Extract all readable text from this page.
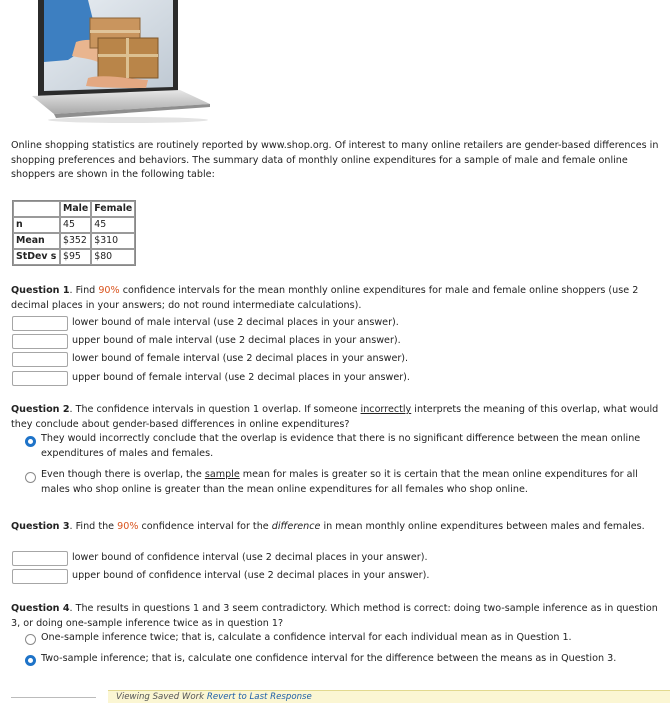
Online shopping statistics are routinely reported by www.shop.org. Of interest to many online retailers are gender-based differences in shopping preferences and behaviors. The summary data of monthly online expenditures for a sample of male and female online shoppers are shown in the following table:

	Male	Female
n	45	45
Mean	$352	$310
StDev s	$95	$80

Question 1. Find 90% confidence intervals for the mean monthly online expenditures for male and female online shoppers (use 2 decimal places in your answers; do not round intermediate calculations).

lower bound of male interval (use 2 decimal places in your answer).
upper bound of male interval (use 2 decimal places in your answer).
lower bound of female interval (use 2 decimal places in your answer).
upper bound of female interval (use 2 decimal places in your answer).

Question 2. The confidence intervals in question 1 overlap. If someone incorrectly interprets the meaning of this overlap, what would they conclude about gender-based differences in online expenditures?

They would incorrectly conclude that the overlap is evidence that there is no significant difference between the mean online expenditures of males and females.

Even though there is overlap, the sample mean for males is greater so it is certain that the mean online expenditures for all males who shop online is greater than the mean online expenditures for all females who shop online.

Question 3. Find the 90% confidence interval for the difference in mean monthly online expenditures between males and females.

lower bound of confidence interval (use 2 decimal places in your answer).
upper bound of confidence interval (use 2 decimal places in your answer).

Question 4. The results in questions 1 and 3 seem contradictory. Which method is correct: doing two-sample inference as in question 3, or doing one-sample inference twice as in question 1?

One-sample inference twice; that is, calculate a confidence interval for each individual mean as in Question 1.

Two-sample inference; that is, calculate one confidence interval for the difference between the means as in Question 3.

Viewing Saved Work Revert to Last Response
